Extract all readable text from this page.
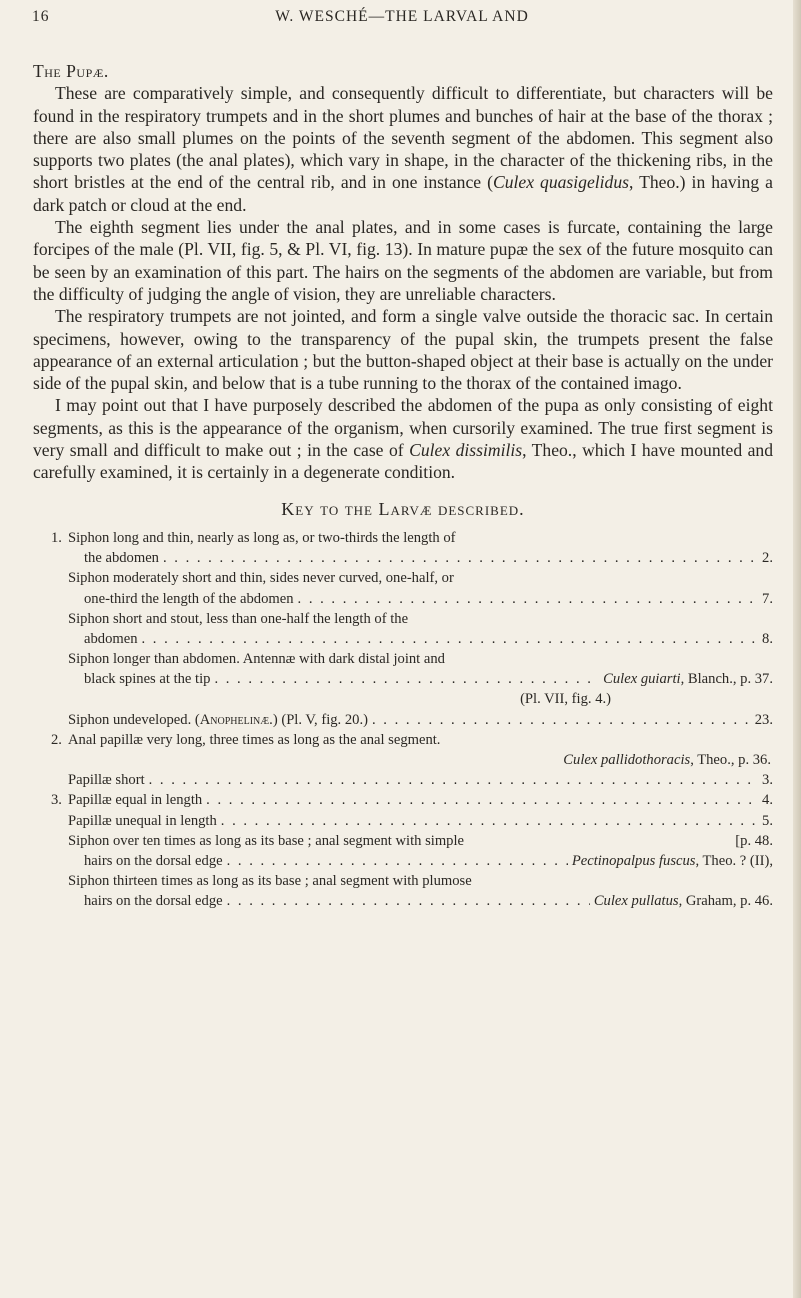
16	W. WESCHÉ—THE LARVAL AND

The Pupæ.

These are comparatively simple, and consequently difficult to differentiate, but characters will be found in the respiratory trumpets and in the short plumes and bunches of hair at the base of the thorax ; there are also small plumes on the points of the seventh segment of the abdomen. This segment also supports two plates (the anal plates), which vary in shape, in the character of the thickening ribs, in the short bristles at the end of the central rib, and in one instance (Culex quasigelidus, Theo.) in having a dark patch or cloud at the end.

The eighth segment lies under the anal plates, and in some cases is furcate, containing the large forcipes of the male (Pl. VII, fig. 5, & Pl. VI, fig. 13). In mature pupæ the sex of the future mosquito can be seen by an examination of this part. The hairs on the segments of the abdomen are variable, but from the difficulty of judging the angle of vision, they are unreliable characters.

The respiratory trumpets are not jointed, and form a single valve outside the thoracic sac. In certain specimens, however, owing to the transparency of the pupal skin, the trumpets present the false appearance of an external articulation ; but the button-shaped object at their base is actually on the under side of the pupal skin, and below that is a tube running to the thorax of the contained imago.

I may point out that I have purposely described the abdomen of the pupa as only consisting of eight segments, as this is the appearance of the organism, when cursorily examined. The true first segment is very small and difficult to make out ; in the case of Culex dissimilis, Theo., which I have mounted and carefully examined, it is certainly in a degenerate condition.

Key to the Larvæ described.

1. Siphon long and thin, nearly as long as, or two-thirds the length of
the abdomen . . .	2.
Siphon moderately short and thin, sides never curved, one-half, or
one-third the length of the abdomen . . .	7.
Siphon short and stout, less than one-half the length of the
abdomen . . .	8.
Siphon longer than abdomen. Antennæ with dark distal joint and
black spines at the tip . . .	Culex guiarti, Blanch., p. 37.
(Pl. VII, fig. 4.)
Siphon undeveloped. (Anophelinæ.) (Pl. V, fig. 20.) . . .	23.
2. Anal papillæ very long, three times as long as the anal segment.
Culex pallidothoracis, Theo., p. 36.
Papillæ short . . .	3.
3. Papillæ equal in length . . .	4.
Papillæ unequal in length . . .	5.
Siphon over ten times as long as its base ; anal segment with simple	[p. 48.
hairs on the dorsal edge . . .	Pectinopalpus fuscus, Theo. ? (II),
Siphon thirteen times as long as its base ; anal segment with plumose
hairs on the dorsal edge . . .	Culex pullatus, Graham, p. 46.
